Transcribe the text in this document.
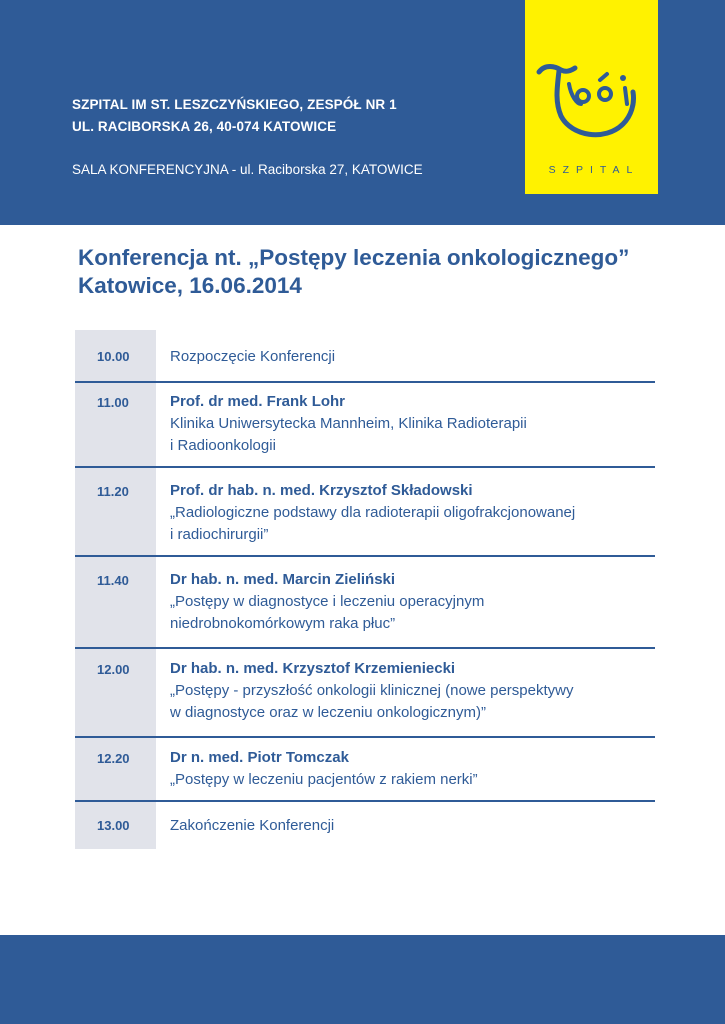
SZPITAL IM ST. LESZCZYŃSKIEGO, ZESPÓŁ NR 1
UL. RACIBORSKA 26, 40-074 KATOWICE
SALA KONFERENCYJNA - ul. Raciborska 27, KATOWICE	SZPITAL
Konferencja nt. „Postępy leczenia onkologicznego”
Katowice, 16.06.2014
10.00	Rozpoczęcie Konferencji
11.00	Prof. dr med. Frank Lohr
Klinika Uniwersytecka Mannheim, Klinika Radioterapii
i Radioonkologii
11.20	Prof. dr hab. n. med. Krzysztof Składowski
„Radiologiczne podstawy dla radioterapii oligofrakcjonowanej
i radiochirurgii”
11.40	Dr hab. n. med. Marcin Zieliński
„Postępy w diagnostyce i leczeniu operacyjnym
niedrobnokomórkowym raka płuc”
12.00	Dr hab. n. med. Krzysztof Krzemieniecki
„Postępy - przyszłość onkologii klinicznej (nowe perspektywy
w diagnostyce oraz w leczeniu onkologicznym)”
12.20	Dr n. med. Piotr Tomczak
„Postępy w leczeniu pacjentów z rakiem nerki”
13.00	Zakończenie Konferencji
